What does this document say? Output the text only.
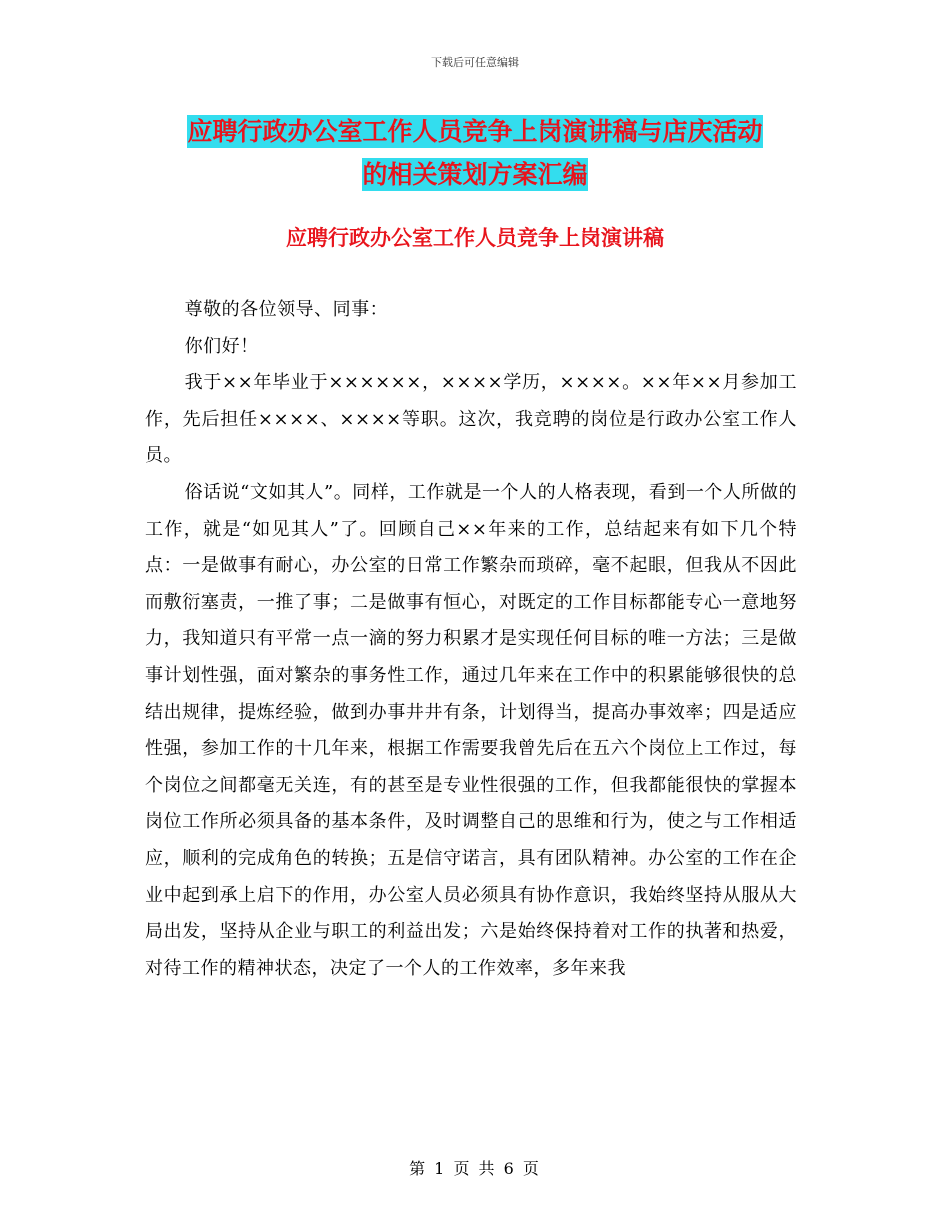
下载后可任意编辑
应聘行政办公室工作人员竞争上岗演讲稿与店庆活动
的相关策划方案汇编
应聘行政办公室工作人员竞争上岗演讲稿

尊敬的各位领导、同事：

你们好！

我于××年毕业于××××××，××××学历，××××。××年××月参加工作，先后担任××××、××××等职。这次，我竞聘的岗位是行政办公室工作人员。

俗话说“文如其人”。同样，工作就是一个人的人格表现，看到一个人所做的工作，就是“如见其人”了。回顾自己××年来的工作，总结起来有如下几个特点：一是做事有耐心，办公室的日常工作繁杂而琐碎，毫不起眼，但我从不因此而敷衍塞责，一推了事；二是做事有恒心，对既定的工作目标都能专心一意地努力，我知道只有平常一点一滴的努力积累才是实现任何目标的唯一方法；三是做事计划性强，面对繁杂的事务性工作，通过几年来在工作中的积累能够很快的总结出规律，提炼经验，做到办事井井有条，计划得当，提高办事效率；四是适应性强，参加工作的十几年来，根据工作需要我曾先后在五六个岗位上工作过，每个岗位之间都毫无关连，有的甚至是专业性很强的工作，但我都能很快的掌握本岗位工作所必须具备的基本条件，及时调整自己的思维和行为，使之与工作相适应，顺利的完成角色的转换；五是信守诺言，具有团队精神。办公室的工作在企业中起到承上启下的作用，办公室人员必须具有协作意识，我始终坚持从服从大局出发，坚持从企业与职工的利益出发；六是始终保持着对工作的执著和热爱，对待工作的精神状态，决定了一个人的工作效率，多年来我

第 1 页 共 6 页
